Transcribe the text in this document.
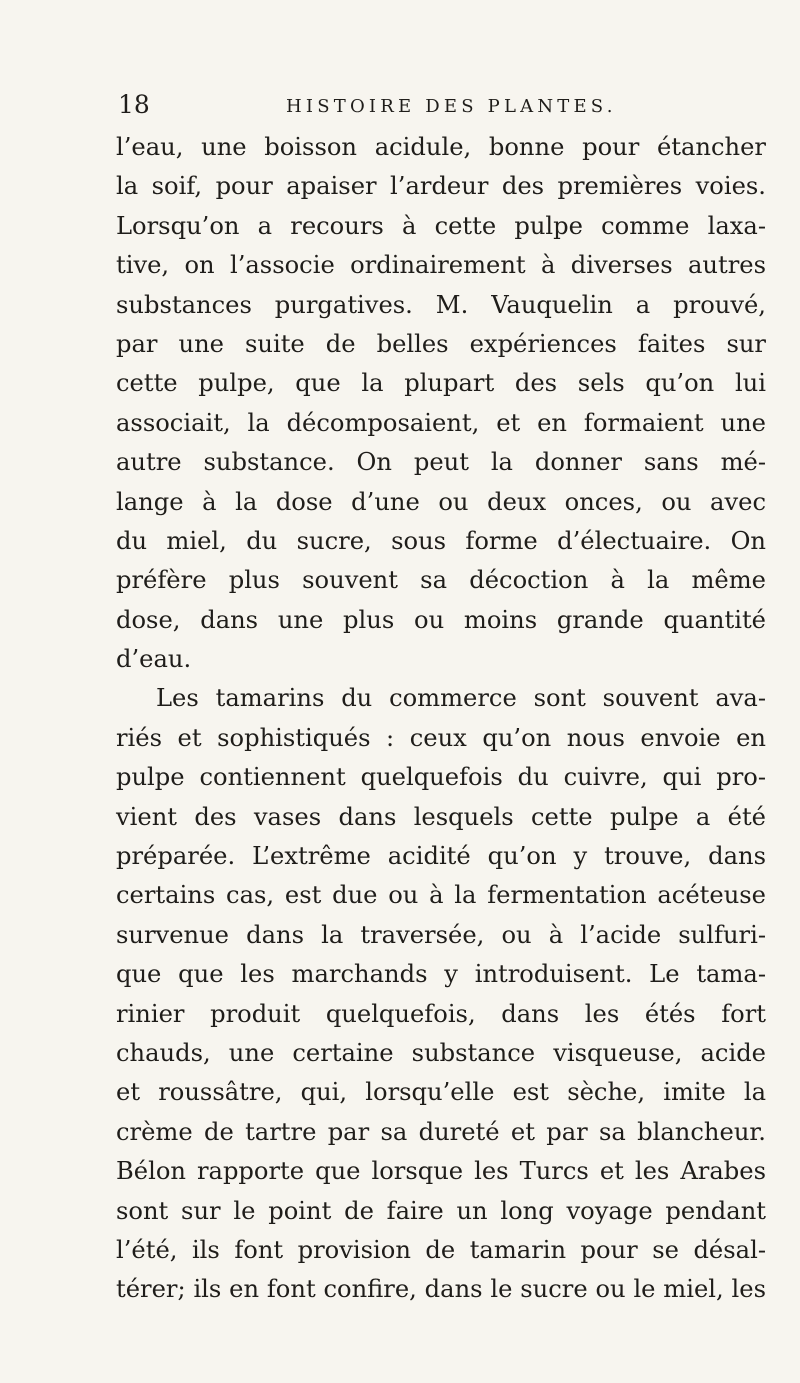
18	HISTOIRE DES PLANTES.
l’eau, une boisson acidule, bonne pour étancher
la soif, pour apaiser l’ardeur des premières voies.
Lorsqu’on a recours à cette pulpe comme laxa-
tive, on l’associe ordinairement à diverses autres
substances purgatives. M. Vauquelin a prouvé,
par une suite de belles expériences faites sur
cette pulpe, que la plupart des sels qu’on lui
associait, la décomposaient, et en formaient une
autre substance. On peut la donner sans mé-
lange à la dose d’une ou deux onces, ou avec
du miel, du sucre, sous forme d’électuaire. On
préfère plus souvent sa décoction à la même
dose, dans une plus ou moins grande quantité
d’eau.
Les tamarins du commerce sont souvent ava-
riés et sophistiqués : ceux qu’on nous envoie en
pulpe contiennent quelquefois du cuivre, qui pro-
vient des vases dans lesquels cette pulpe a été
préparée. L’extrême acidité qu’on y trouve, dans
certains cas, est due ou à la fermentation acéteuse
survenue dans la traversée, ou à l’acide sulfuri-
que que les marchands y introduisent. Le tama-
rinier produit quelquefois, dans les étés fort
chauds, une certaine substance visqueuse, acide
et roussâtre, qui, lorsqu’elle est sèche, imite la
crème de tartre par sa dureté et par sa blancheur.
Bélon rapporte que lorsque les Turcs et les Arabes
sont sur le point de faire un long voyage pendant
l’été, ils font provision de tamarin pour se désal-
térer; ils en font confire, dans le sucre ou le miel, les
